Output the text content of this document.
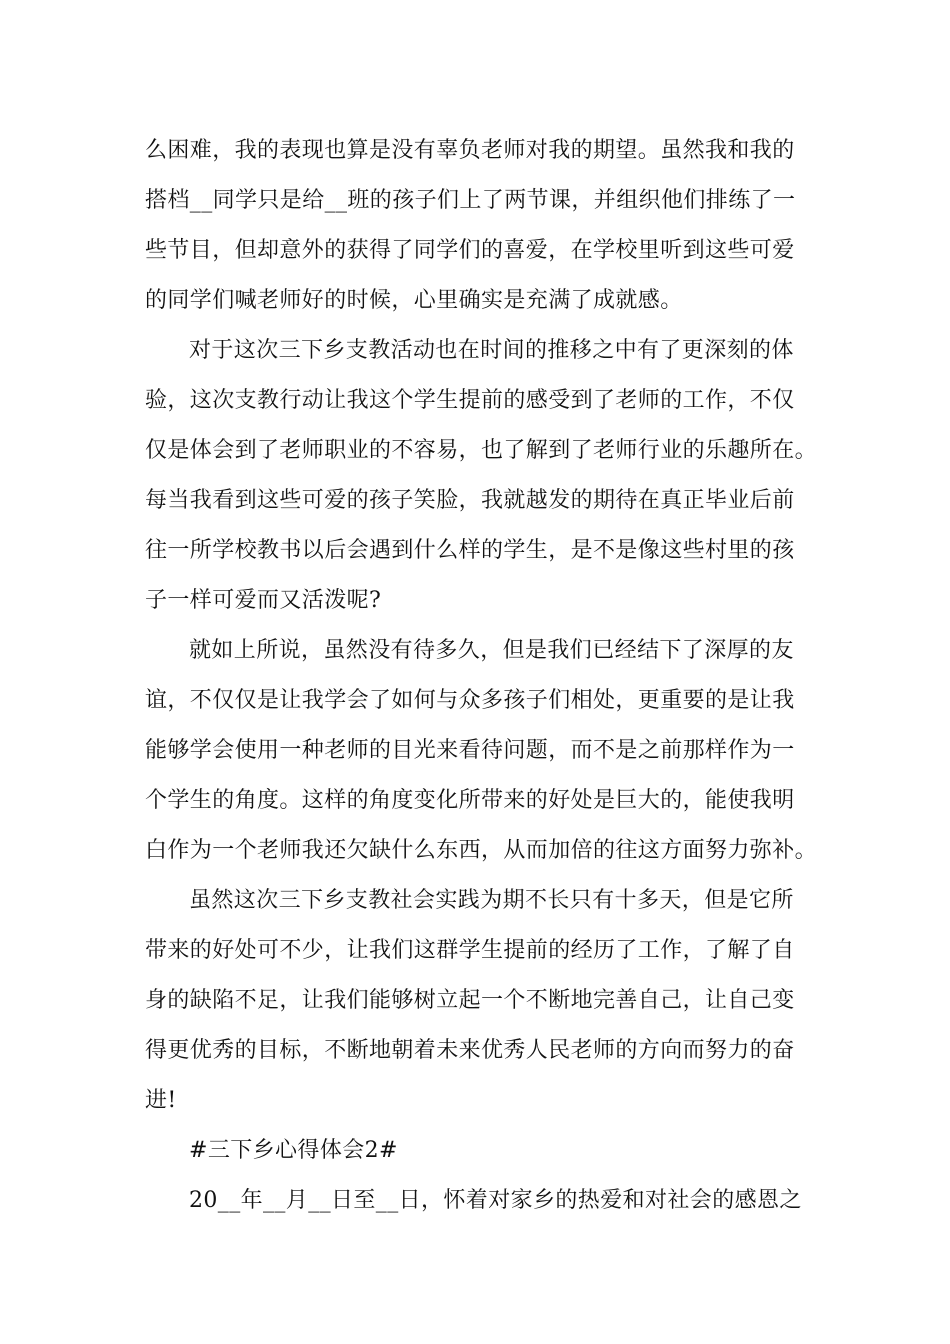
么困难，我的表现也算是没有辜负老师对我的期望。虽然我和我的
搭档__同学只是给__班的孩子们上了两节课，并组织他们排练了一
些节目，但却意外的获得了同学们的喜爱，在学校里听到这些可爱
的同学们喊老师好的时候，心里确实是充满了成就感。
对于这次三下乡支教活动也在时间的推移之中有了更深刻的体
验，这次支教行动让我这个学生提前的感受到了老师的工作，不仅
仅是体会到了老师职业的不容易，也了解到了老师行业的乐趣所在。
每当我看到这些可爱的孩子笑脸，我就越发的期待在真正毕业后前
往一所学校教书以后会遇到什么样的学生，是不是像这些村里的孩
子一样可爱而又活泼呢?
就如上所说，虽然没有待多久，但是我们已经结下了深厚的友
谊，不仅仅是让我学会了如何与众多孩子们相处，更重要的是让我
能够学会使用一种老师的目光来看待问题，而不是之前那样作为一
个学生的角度。这样的角度变化所带来的好处是巨大的，能使我明
白作为一个老师我还欠缺什么东西，从而加倍的往这方面努力弥补。
虽然这次三下乡支教社会实践为期不长只有十多天，但是它所
带来的好处可不少，让我们这群学生提前的经历了工作，了解了自
身的缺陷不足，让我们能够树立起一个不断地完善自己，让自己变
得更优秀的目标，不断地朝着未来优秀人民老师的方向而努力的奋
进!
#三下乡心得体会2#
20__年__月__日至__日，怀着对家乡的热爱和对社会的感恩之
